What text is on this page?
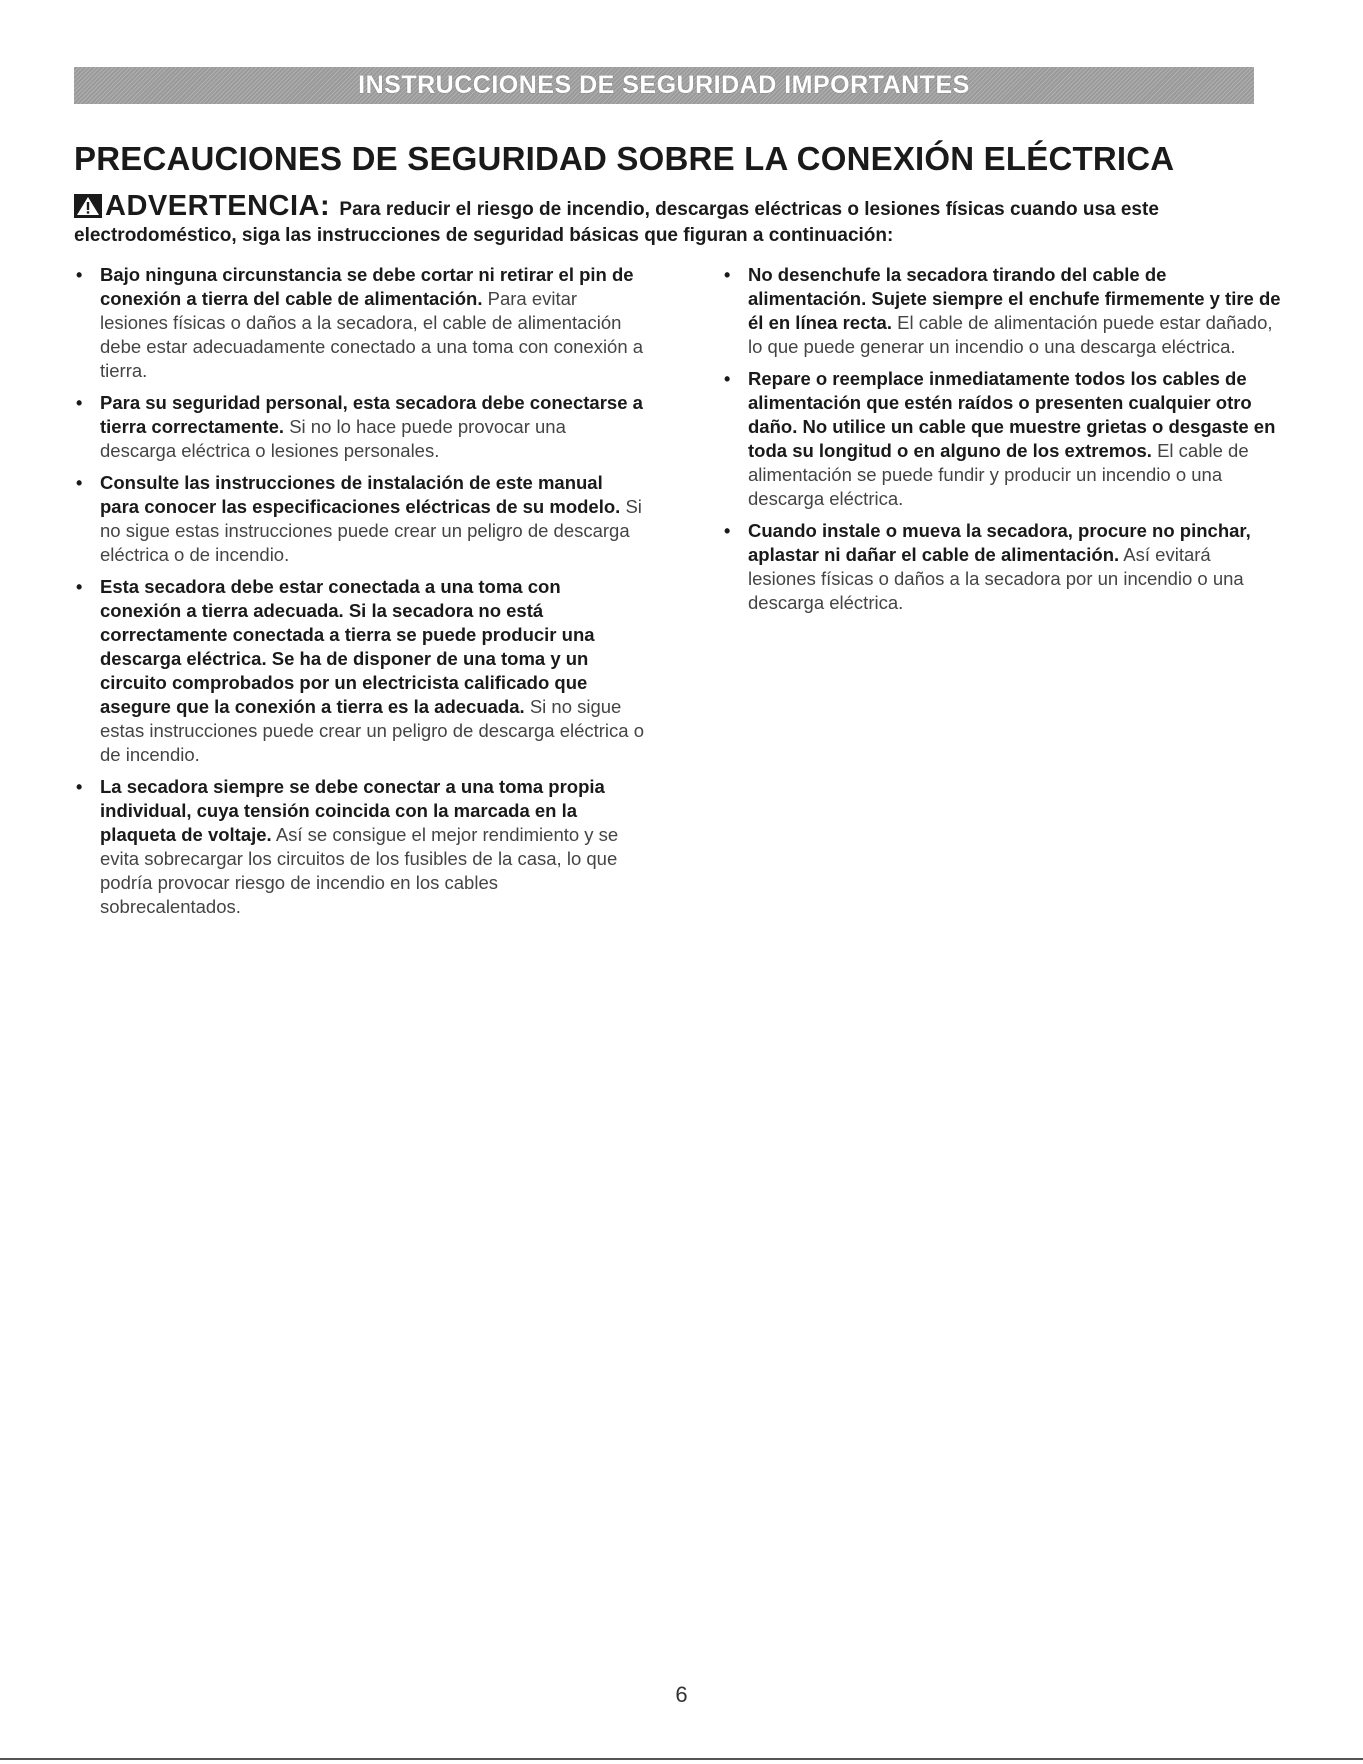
INSTRUCCIONES DE SEGURIDAD IMPORTANTES
PRECAUCIONES DE SEGURIDAD SOBRE LA CONEXIÓN ELÉCTRICA
ADVERTENCIA: Para reducir el riesgo de incendio, descargas eléctricas o lesiones físicas cuando usa este electrodoméstico, siga las instrucciones de seguridad básicas que figuran a continuación:
• Bajo ninguna circunstancia se debe cortar ni retirar el pin de conexión a tierra del cable de alimentación. Para evitar lesiones físicas o daños a la secadora, el cable de alimentación debe estar adecuadamente conectado a una toma con conexión a tierra.
• Para su seguridad personal, esta secadora debe conectarse a tierra correctamente. Si no lo hace puede provocar una descarga eléctrica o lesiones personales.
• Consulte las instrucciones de instalación de este manual para conocer las especificaciones eléctricas de su modelo. Si no sigue estas instrucciones puede crear un peligro de descarga eléctrica o de incendio.
• Esta secadora debe estar conectada a una toma con conexión a tierra adecuada. Si la secadora no está correctamente conectada a tierra se puede producir una descarga eléctrica. Se ha de disponer de una toma y un circuito comprobados por un electricista calificado que asegure que la conexión a tierra es la adecuada. Si no sigue estas instrucciones puede crear un peligro de descarga eléctrica o de incendio.
• La secadora siempre se debe conectar a una toma propia individual, cuya tensión coincida con la marcada en la plaqueta de voltaje. Así se consigue el mejor rendimiento y se evita sobrecargar los circuitos de los fusibles de la casa, lo que podría provocar riesgo de incendio en los cables sobrecalentados.
• No desenchufe la secadora tirando del cable de alimentación. Sujete siempre el enchufe firmemente y tire de él en línea recta. El cable de alimentación puede estar dañado, lo que puede generar un incendio o una descarga eléctrica.
• Repare o reemplace inmediatamente todos los cables de alimentación que estén raídos o presenten cualquier otro daño. No utilice un cable que muestre grietas o desgaste en toda su longitud o en alguno de los extremos. El cable de alimentación se puede fundir y producir un incendio o una descarga eléctrica.
• Cuando instale o mueva la secadora, procure no pinchar, aplastar ni dañar el cable de alimentación. Así evitará lesiones físicas o daños a la secadora por un incendio o una descarga eléctrica.
6
